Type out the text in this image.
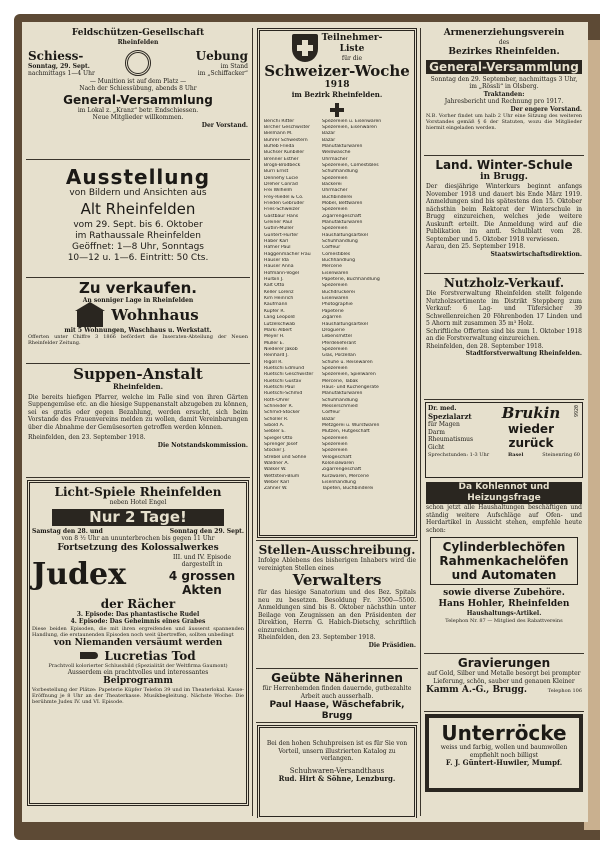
Feldschützen-Gesellschaft
Rheinfelden
Schiess-
Sonntag, 29. Sept.
nachmittags 1—4 Uhr
Uebung
im Stand
im „Schiffacker“
— Munition ist auf dem Platz —
Nach der Schiessübung, abends 8 Uhr
General-Versammlung
im Lokal z. „Kranz“ betr. Endschiessen.
Neue Mitglieder willkommen.
Der Vorstand.
Ausstellung
von Bildern und Ansichten aus
Alt Rheinfelden
vom 29. Sept. bis 6. Oktober
im Rathaussale Rheinfelden
Geöffnet: 1—8 Uhr, Sonntags
10—12 u. 1—6. Eintritt: 50 Cts.
Zu verkaufen.
An sonniger Lage in Rheinfelden
Wohnhaus
mit 5 Wohnungen, Waschhaus u. Werkstatt.
Offerten unter Chiffre 3 1866 befördert die Inseraten-Abteilung der Neuen Rheinfelder Zeitung.
Suppen-Anstalt
Rheinfelden.
Die bereits hiefigen Pfarrer, welche im Falle sind von ihren Gärten Suppengemüse etc. an die hiesige Suppenanstalt abzugeben zu können, sei es gratis oder gegen Bezahlung, werden ersucht, sich beim Vorstande des Frauenvereins melden zu wollen, damit Vereinbarungen über die Abnahme der Gemüsesorten getroffen werden können.
Rheinfelden, den 23. September 1918.
Die Notstandskommission.
Licht-Spiele Rheinfelden
neben Hotel Engel
Nur 2 Tage!
Samstag den 28. und	Sonntag den 29. Sept.
von 8 ½ Uhr an ununterbrochen bis gegen 11 Uhr
Fortsetzung des Kolossalwerkes
Judex	III. und IV. Episode
dargestellt in
4 grossen Akten
der Rächer
3. Episode: Das phantastische Rudel
4. Episode: Das Geheimnis eines Grabes
Diese beiden Episoden, die mit ihren ergreifenden und äusserst spannenden Handlung, die erstaunenden Episoden noch weit übertreffen, sollten unbedingt
von Niemanden versäumt werden
Lucretias Tod
Prachtvoll kolorierter Schlussbild (Spezialität der Weltfirma Gaumont)
Ausserdem ein prachtvolles und interessantes
Beiprogramm
Vorbestellung der Plätze: Papeterie Küpfer Telefon 39 und im Theaterlokal. Kasse-Eröffnung je 8 Uhr an der Theaterkasse. Musikbegleitung. Nächste Woche: Die berühmte Judex IV. und VI. Episode.
Teilnehmer-
Liste
für die
Schweizer-Woche
1918
im Bezirk Rheinfelden.
Berichi Ritter	Spezereien u. Eisenwaren
Bircher Geschwister	Spezereien, Eisenwaren
Bielmann M.	Bazar
Bührer Schwestern	Bazar
Bufleb Frieda	Manufakturwaren
Buchser Kunbiller	Weißwäsche
Brenner Esther	Uhrmacher
Brogli-Brodbeck	Spezereien, Comestibles
Burri Ernst	Schuhhandlung
Dennehy Lucie	Spezereien
Dreher Conrad	Bäckerei
Frei Wilhelm	Uhrmacher
Frey-Riedel & Co.	Buchbinderei
Frieden Gebrüder	Möbel, Bettwaren
Fries-Schweizer	Spezereien
Gastbaur Hans	Zigarrengeschäft
Greiner Paul	Manufakturwaren
Gütlin-Müller	Spezereien
Güntert-Hurter	Haushaltungsartikel
Haber Karl	Schuhhandlung
Hafner Paul	Coiffeur
Haggenmacher Frau	Comestibles
Hauser Ida	Buchhandlung
Hauser Anna	Mercerie
Hofmann-Vogel	Eisenwaren
Hürbin J.	Papeterie, Buchhandlung
Kalt Otto	Spezereien
Keller Lorenz	Buchdruckerei
Kim Heinrich	Eisenwaren
Kaufmann	Photographie
Küpfer R.	Papeterie
Lang Leopold	Zigarren
Lützelschwab	Haushaltungsartikel
Märki Albert	Droguerie
Meyer H.	Lebensmittel
Müller E.	Pferdelieferant
Niederer Jakob	Spezereien
Reinhard J.	Glas, Porzellan
Rigoll R.	Schuhe u. Reisewaren
Rüetschi Edmund	Spezereien
Rüetschi Geschwister	Spezereien, Spielwaren
Rüetschi Gustav	Mercerie, Tabak
Rüetschi Paul	Haus- und Küchengeräte
Rüetschi-Schmid	Manufakturwaren
Roth-Ohrer	Schuhhandlung
Schneider R.	Messerschmied
Schmid-Stocker	Coiffeur
Schöller R.	Bazar
Sibold A.	Metzgerei u. Wurstwaren
Siebler E.	Mützen, Hutgeschäft
Spiegel Otto	Spezereien
Sprenger Josef	Spezereien
Stocker J.	Spezereien
Strebel und Söhne	Velogeschäft
Waldner A.	Kolonialwaren
Walker W.	Zigarrengeschäft
Wettstein-Blum	Kurzwaren, Mercerie
Weber Karl	Eisenhandlung
Zahner W.	Tapeten, Buchbinderei
Stellen-Ausschreibung.
Infolge Ablebens des bisherigen Inhabers wird die vereinigten Stellen eines
Verwalters
für das hiesige Sanatorium und des Bez. Spitals neu zu besetzen. Besoldung Fr. 3500—5500. Anmeldungen sind bis 8. Oktober nächsthin unter Beilage von Zeugnissen an den Präsidenten der Direktion, Herrn G. Habich-Dietschy, schriftlich einzureichen.
Rheinfelden, den 23. September 1918.
Die Präsidien.
Geübte Näherinnen
für Herrenhemden finden dauernde, gutbezahlte Arbeit auch ausserhalb.
Paul Haase, Wäschefabrik, Brugg
Bei den hohen Schuhpreisen ist es für Sie von Vorteil, unsern illustrierten Katalog zu verlangen.
Schuhwaren-Versandthaus
Rud. Hirt & Söhne, Lenzburg.
Armenerziehungsverein
des
Bezirkes Rheinfelden.
General-Versammlung
Sonntag den 29. September, nachmittags 3 Uhr, im „Rössli“ in Olsberg.
Traktanden:
Jahresbericht und Rechnung pro 1917.
Der engere Vorstand.
N.B. Vorher findet um halb 2 Uhr eine Sitzung des weiteren Vorstandes gemäß § 6 der Statuten, wozu die Mitglieder hiermit eingeladen werden.
Land. Winter-Schule
in Brugg.
Der diesjährige Winterkurs beginnt anfangs November 1918 und dauert bis Ende März 1919. Anmeldungen sind bis spätestens den 15. Oktober nächsthin beim Rektorat der Winterschule in Brugg einzureichen, welches jede weitere Auskunft erteilt. Die Anmeldung wird auf die Publikation im amtl. Schulblatt vom 28. September und 5. Oktober 1918 verwiesen.
Aarau, den 25. September 1918.
Staatswirtschaftsdirektion.
Nutzholz-Verkauf.
Die Forstverwaltung Rheinfelden stellt folgende Nutzholzsortimente im Distrikt Steppberg zum Verkauf: 6 Lag- und Tüfersicher 39 Schwellenreichen 20 Föhrenboden 17 Linden und 5 Ahorn mit zusammen 35 m³ Holz.
Schriftliche Offerten sind bis zum 1. Oktober 1918 an die Forstverwaltung einzureichen.
Rheinfelden, den 28. September 1918.
Stadtforstverwaltung Rheinfelden.
Dr. med.
Spezialarzt
für Magen
Darm
Rheumatismus
Gicht
Brukin
wieder
zurück
9920
Sprechstunden: 1-3 Uhr	Basel	Steinenring 60
Da Kohlennot und Heizungsfrage
schon jetzt alle Haushaltungen beschäftigen und ständig weitere Aufschläge auf Ofen- und Herdartikel in Aussicht stehen, empfehle heute schon:
Cylinderblechöfen
Rahmenkachelöfen
und Automaten
sowie diverse Zubehöre.
Hans Hohler, Rheinfelden
Haushaltungs-Artikel.
Telephon Nr. 87 — Mitglied des Rabattvereins
Gravierungen
auf Gold, Silber und Metalle besorgt bei prompter Lieferung, schön, sauber und genauen Kleiner
Kamm A.-G., Brugg.	Telephon 106
Unterröcke
weiss und farbig, wollen und baumwollen empfiehlt noch billigst
F. J. Güntert-Huwiler, Mumpf.
